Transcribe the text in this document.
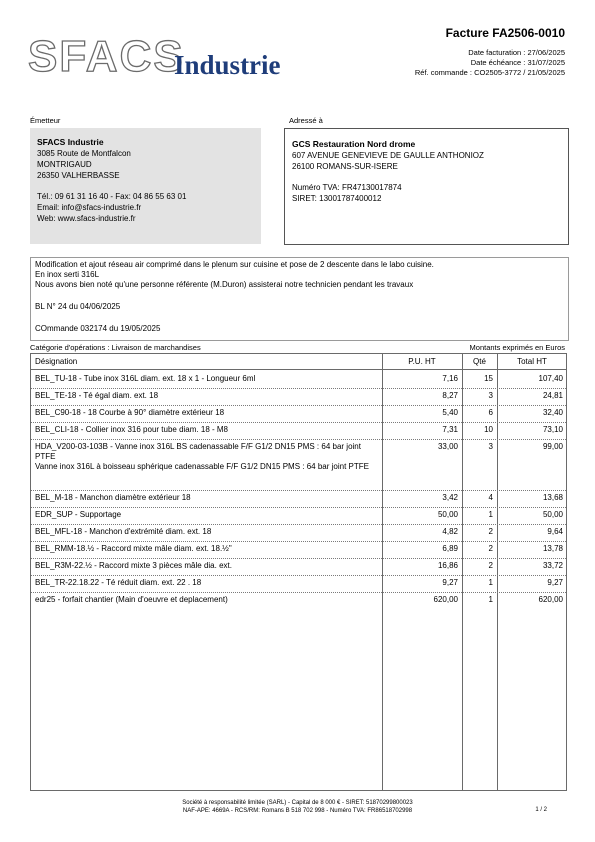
SFACS
Industrie
Facture FA2506-0010
Date facturation : 27/06/2025
Date échéance : 31/07/2025
Réf. commande : CO2505-3772 / 21/05/2025
Émetteur
SFACS Industrie
3085 Route de Montfalcon
MONTRIGAUD
26350 VALHERBASSE
Tél.: 09 61 31 16 40 - Fax: 04 86 55 63 01
Email: info@sfacs-industrie.fr
Web: www.sfacs-industrie.fr
Adressé à
GCS Restauration Nord drome
607 AVENUE GENEVIEVE DE GAULLE ANTHONIOZ
26100 ROMANS-SUR-ISERE
Numéro TVA: FR47130017874
SIRET: 13001787400012
Modification et ajout réseau air comprimé dans le plenum sur cuisine et pose de 2 descente dans le labo cuisine.
En inox serti 316L
Nous avons bien noté qu'une personne référente (M.Duron) assisterai notre technicien pendant les travaux
BL N° 24 du 04/06/2025
COmmande 032174 du 19/05/2025
Catégorie d'opérations : Livraison de marchandises	Montants exprimés en Euros
Désignation	P.U. HT	Qté	Total HT
BEL_TU-18 - Tube inox 316L diam. ext. 18 x 1 - Longueur 6ml	7,16	15	107,40
BEL_TE-18 - Té égal diam. ext. 18	8,27	3	24,81
BEL_C90-18 - 18 Courbe à 90° diamètre extérieur 18	5,40	6	32,40
BEL_CLI-18 - Collier inox 316 pour tube diam. 18 - M8	7,31	10	73,10
HDA_V200-03-103B - Vanne inox 316L BS cadenassable F/F G1/2 DN15 PMS : 64 bar joint PTFE
Vanne inox 316L à boisseau sphérique cadenassable F/F G1/2 DN15 PMS : 64 bar joint PTFE
33,00	3	99,00
BEL_M-18 - Manchon diamètre extérieur 18	3,42	4	13,68
EDR_SUP - Supportage	50,00	1	50,00
BEL_MFL-18 - Manchon d'extrémité diam. ext. 18	4,82	2	9,64
BEL_RMM-18.½ - Raccord mixte mâle diam. ext. 18.½"	6,89	2	13,78
BEL_R3M-22.½ - Raccord mixte 3 pièces mâle dia. ext.	16,86	2	33,72
BEL_TR-22.18.22 - Té réduit diam. ext. 22 . 18	9,27	1	9,27
edr25 - forfait chantier (Main d'oeuvre et deplacement)	620,00	1	620,00
Société à responsabilité limitée (SARL) - Capital de 8 000 € - SIRET: 51870299800023
NAF-APE: 4669A - RCS/RM: Romans B 518 702 998 - Numéro TVA: FR86518702998	1 / 2
